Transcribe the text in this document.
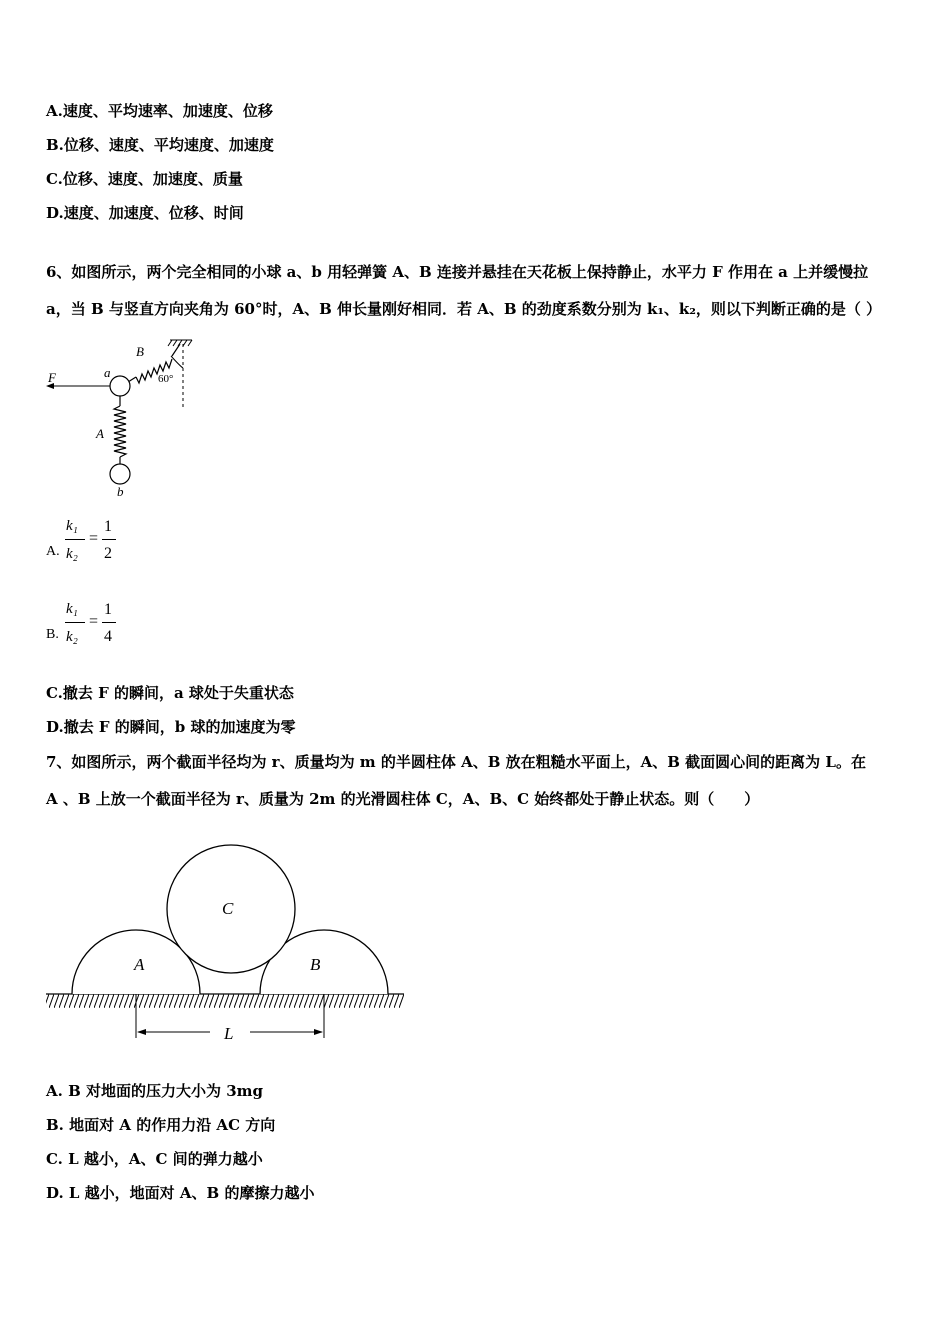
A.速度、平均速率、加速度、位移
B.位移、速度、平均速度、加速度
C.位移、速度、加速度、质量
D.速度、加速度、位移、时间
6、如图所示，两个完全相同的小球 a、b 用轻弹簧 A、B 连接并悬挂在天花板上保持静止，水平力 F 作用在 a 上并缓慢拉
a，当 B 与竖直方向夹角为 60°时，A、B 伸长量刚好相同．若 A、B 的劲度系数分别为 k₁、k₂，则以下判断正确的是（ ）
F	a
B
60°
A
b
A.
k₁
k₂
=
1
2
B.
k₁
k₂
=
1
4
C.撤去 F 的瞬间，a 球处于失重状态
D.撤去 F 的瞬间，b 球的加速度为零
7、如图所示，两个截面半径均为 r、质量均为 m 的半圆柱体 A、B 放在粗糙水平面上，A、B 截面圆心间的距离为 L。在
A 、B 上放一个截面半径为 r、质量为 2m 的光滑圆柱体 C，A、B、C 始终都处于静止状态。则（　　）
A	B
C
L
A. B 对地面的压力大小为 3mg
B. 地面对 A 的作用力沿 AC 方向
C. L 越小，A、C 间的弹力越小
D. L 越小，地面对 A、B 的摩擦力越小
